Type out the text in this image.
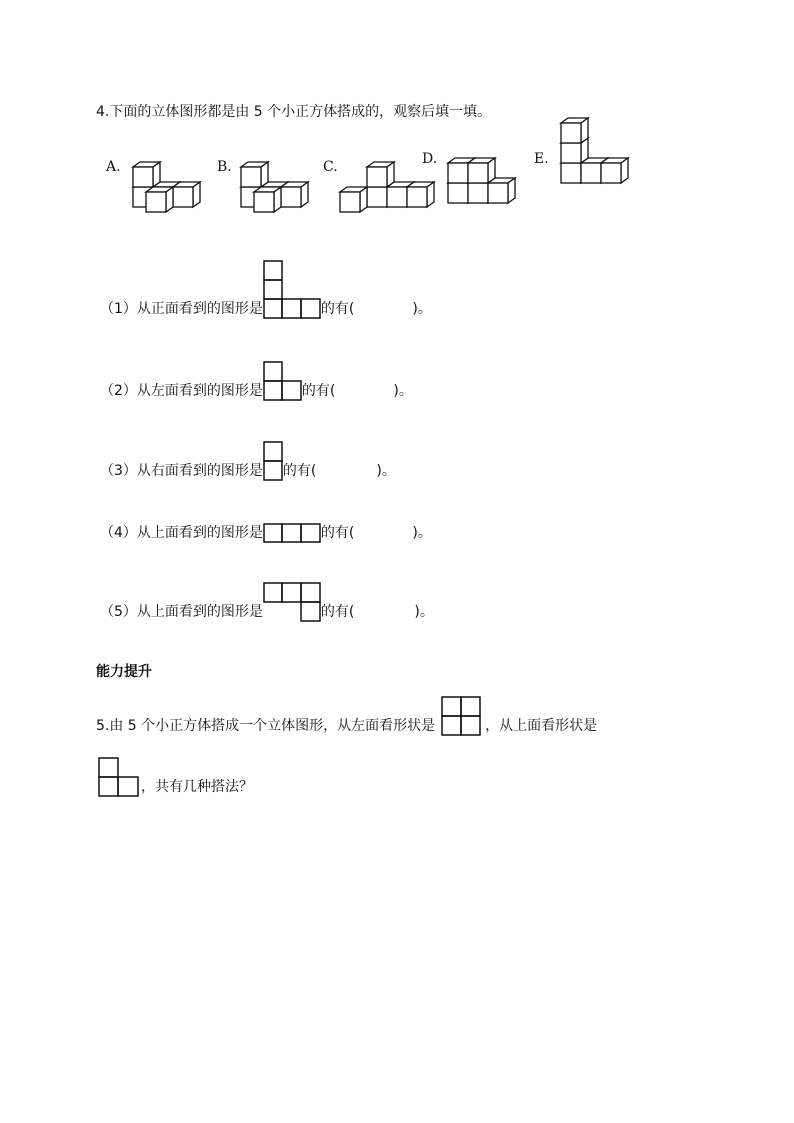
4.下面的立体图形都是由 5 个小正方体搭成的，观察后填一填。
A.	B.	C.	D.	E.
（1）从正面看到的图形是	的有(	)。
（2）从左面看到的图形是	的有(	)。
（3）从右面看到的图形是 的有(	)。
（4）从上面看到的图形是	的有(	)。
（5）从上面看到的图形是	的有(	)。
能力提升
5.由 5 个小正方体搭成一个立体图形，从左面看形状是	，从上面看形状是
，共有几种搭法？
